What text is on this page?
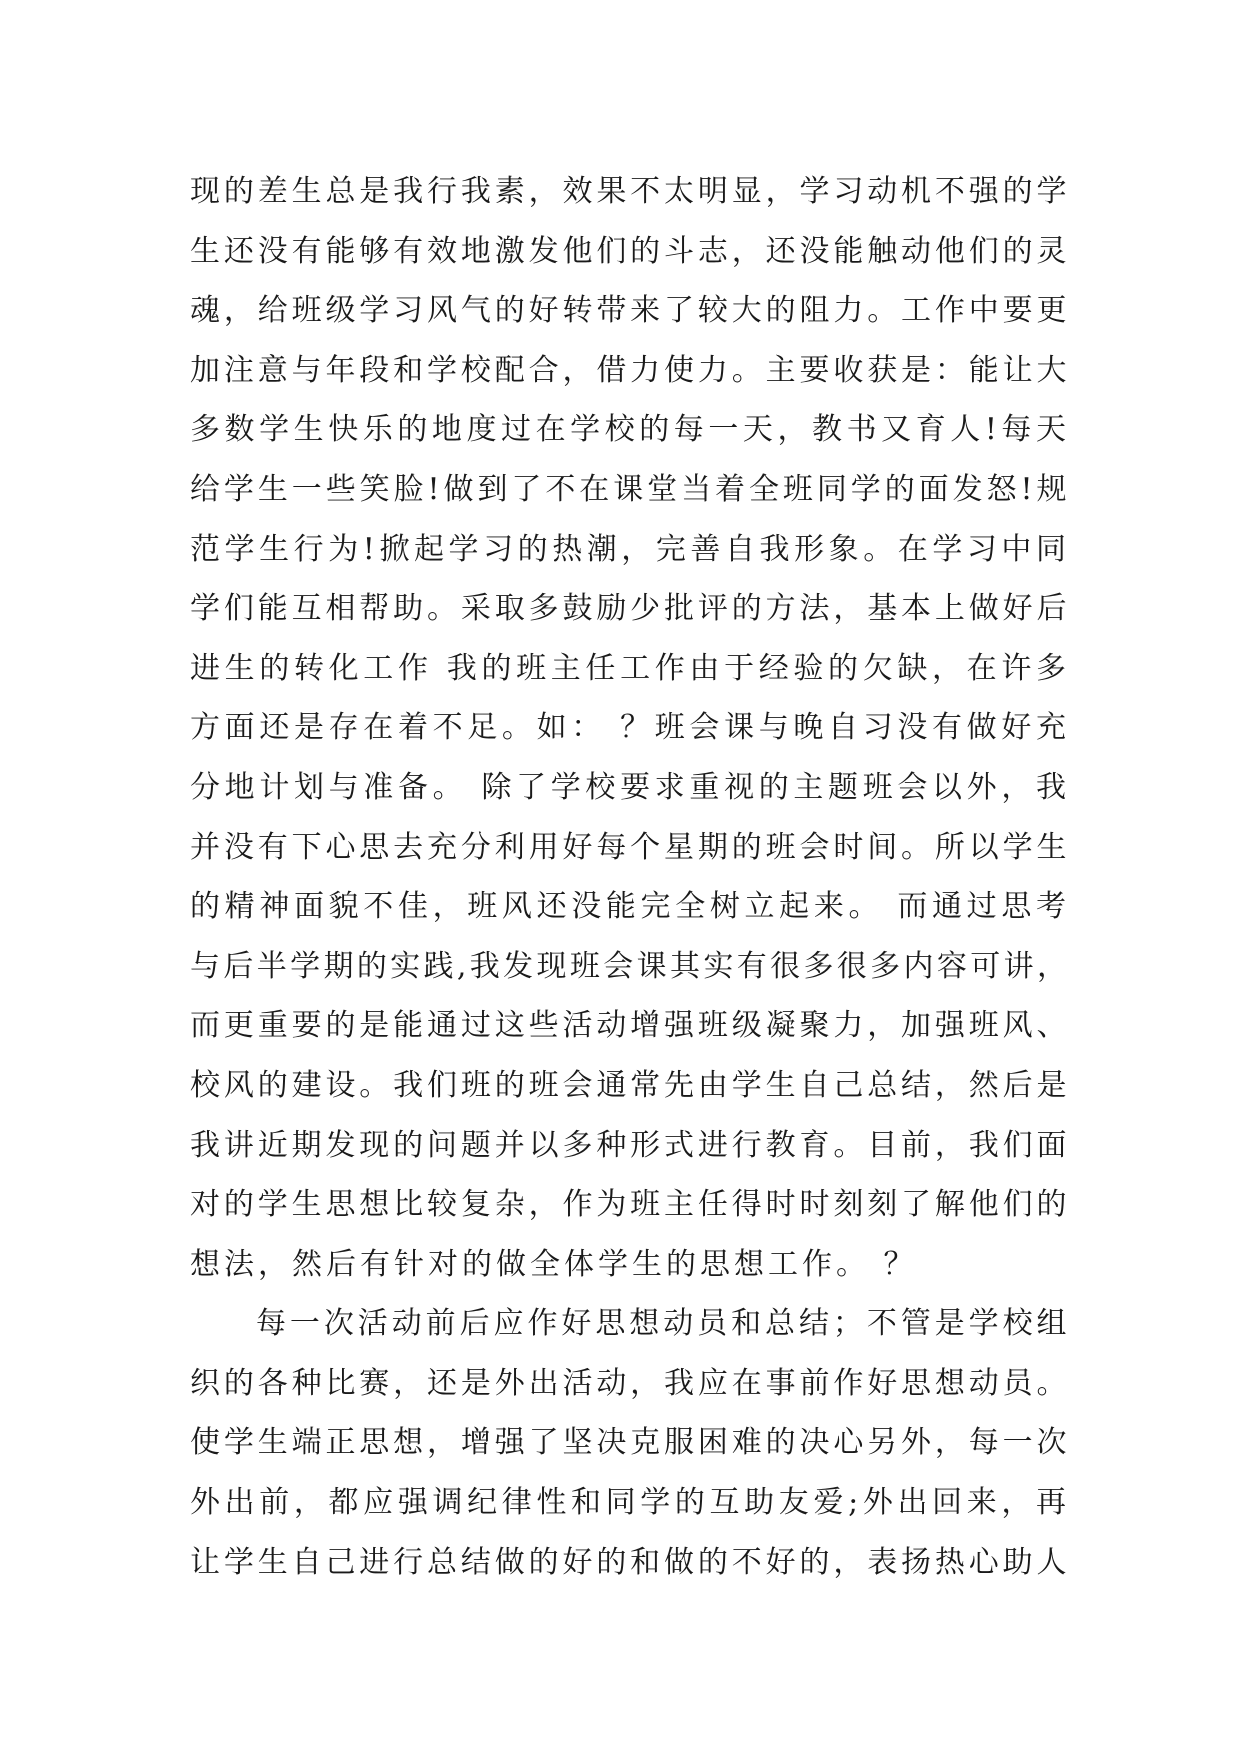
现的差生总是我行我素，效果不太明显，学习动机不强的学
生还没有能够有效地激发他们的斗志，还没能触动他们的灵
魂，给班级学习风气的好转带来了较大的阻力。工作中要更
加注意与年段和学校配合，借力使力。主要收获是：能让大
多数学生快乐的地度过在学校的每一天，教书又育人!每天
给学生一些笑脸!做到了不在课堂当着全班同学的面发怒!规
范学生行为!掀起学习的热潮，完善自我形象。在学习中同
学们能互相帮助。采取多鼓励少批评的方法，基本上做好后
进生的转化工作 我的班主任工作由于经验的欠缺，在许多
方面还是存在着不足。如： ？班会课与晚自习没有做好充
分地计划与准备。 除了学校要求重视的主题班会以外，我
并没有下心思去充分利用好每个星期的班会时间。所以学生
的精神面貌不佳，班风还没能完全树立起来。 而通过思考
与后半学期的实践,我发现班会课其实有很多很多内容可讲，
而更重要的是能通过这些活动增强班级凝聚力，加强班风、
校风的建设。我们班的班会通常先由学生自己总结，然后是
我讲近期发现的问题并以多种形式进行教育。目前，我们面
对的学生思想比较复杂，作为班主任得时时刻刻了解他们的
想法，然后有针对的做全体学生的思想工作。 ？
每一次活动前后应作好思想动员和总结；不管是学校组
织的各种比赛，还是外出活动，我应在事前作好思想动员。
使学生端正思想，增强了坚决克服困难的决心另外，每一次
外出前，都应强调纪律性和同学的互助友爱;外出回来，再
让学生自己进行总结做的好的和做的不好的，表扬热心助人
